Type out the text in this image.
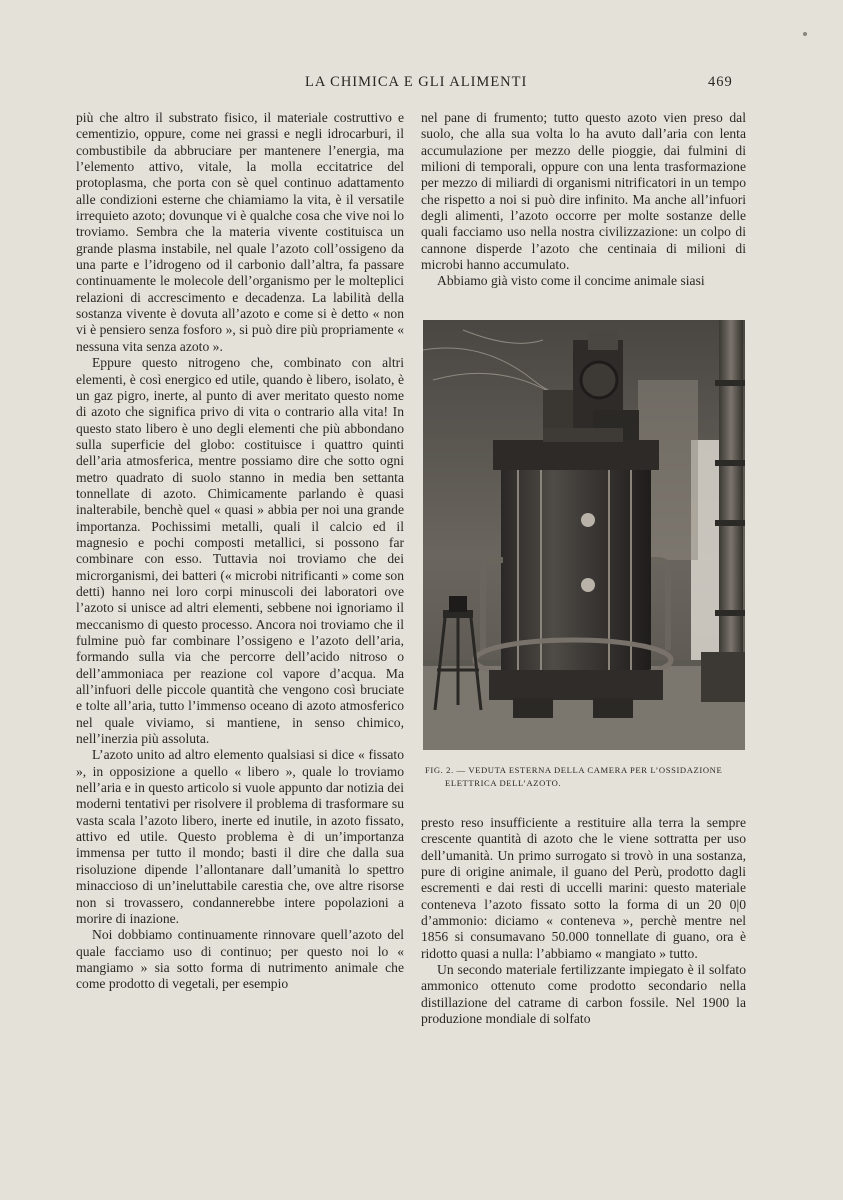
LA CHIMICA E GLI ALIMENTI	469

più che altro il substrato fisico, il materiale costruttivo e cementizio, oppure, come nei grassi e negli idrocarburi, il combustibile da abbruciare per mantenere l’energia, ma l’elemento attivo, vitale, la molla eccitatrice del protoplasma, che porta con sè quel continuo adattamento alle condizioni esterne che chiamiamo la vita, è il versatile irrequieto azoto; dovunque vi è qualche cosa che vive noi lo troviamo. Sembra che la materia vivente costituisca un grande plasma instabile, nel quale l’azoto coll’ossigeno da una parte e l’idrogeno od il carbonio dall’altra, fa passare continuamente le molecole dell’organismo per le molteplici relazioni di accrescimento e decadenza. La labilità della sostanza vivente è dovuta all’azoto e come si è detto « non vi è pensiero senza fosforo », si può dire più propriamente « nessuna vita senza azoto ».

Eppure questo nitrogeno che, combinato con altri elementi, è così energico ed utile, quando è libero, isolato, è un gaz pigro, inerte, al punto di aver meritato questo nome di azoto che significa privo di vita o contrario alla vita! In questo stato libero è uno degli elementi che più abbondano sulla superficie del globo: costituisce i quattro quinti dell’aria atmosferica, mentre possiamo dire che sotto ogni metro quadrato di suolo stanno in media ben settanta tonnellate di azoto. Chimicamente parlando è quasi inalterabile, benchè quel « quasi » abbia per noi una grande importanza. Pochissimi metalli, quali il calcio ed il magnesio e pochi composti metallici, si possono far combinare con esso. Tuttavia noi troviamo che dei microrganismi, dei batteri (« microbi nitrificanti » come son detti) hanno nei loro corpi minuscoli dei laboratori ove l’azoto si unisce ad altri elementi, sebbene noi ignoriamo il meccanismo di questo processo. Ancora noi troviamo che il fulmine può far combinare l’ossigeno e l’azoto dell’aria, formando sulla via che percorre dell’acido nitroso o dell’ammoniaca per reazione col vapore d’acqua. Ma all’infuori delle piccole quantità che vengono così bruciate e tolte all’aria, tutto l’immenso oceano di azoto atmosferico nel quale viviamo, si mantiene, in senso chimico, nell’inerzia più assoluta.

L’azoto unito ad altro elemento qualsiasi si dice « fissato », in opposizione a quello « libero », quale lo troviamo nell’aria e in questo articolo si vuole appunto dar notizia dei moderni tentativi per risolvere il problema di trasformare su vasta scala l’azoto libero, inerte ed inutile, in azoto fissato, attivo ed utile. Questo problema è di un’importanza immensa per tutto il mondo; basti il dire che dalla sua risoluzione dipende l’allontanare dall’umanità lo spettro minaccioso di un’ineluttabile carestia che, ove altre risorse non si trovassero, condannerebbe intere popolazioni a morire di inazione.

Noi dobbiamo continuamente rinnovare quell’azoto del quale facciamo uso di continuo; per questo noi lo « mangiamo » sia sotto forma di nutrimento animale che come prodotto di vegetali, per esempio

nel pane di frumento; tutto questo azoto vien preso dal suolo, che alla sua volta lo ha avuto dall’aria con lenta accumulazione per mezzo delle pioggie, dai fulmini di milioni di temporali, oppure con una lenta trasformazione per mezzo di miliardi di organismi nitrificatori in un tempo che rispetto a noi si può dire infinito. Ma anche all’infuori degli alimenti, l’azoto occorre per molte sostanze delle quali facciamo uso nella nostra civilizzazione: un colpo di cannone disperde l’azoto che centinaia di milioni di microbi hanno accumulato.

Abbiamo già visto come il concime animale siasi

FIG. 2. — VEDUTA ESTERNA DELLA CAMERA PER L’OSSIDAZIONE
ELETTRICA DELL’AZOTO.

presto reso insufficiente a restituire alla terra la sempre crescente quantità di azoto che le viene sottratta per uso dell’umanità. Un primo surrogato si trovò in una sostanza, pure di origine animale, il guano del Perù, prodotto dagli escrementi e dai resti di uccelli marini: questo materiale conteneva l’azoto fissato sotto la forma di un 20 0|0 d’ammonio: diciamo « conteneva », perchè mentre nel 1856 si consumavano 50.000 tonnellate di guano, ora è ridotto quasi a nulla: l’abbiamo « mangiato » tutto.

Un secondo materiale fertilizzante impiegato è il solfato ammonico ottenuto come prodotto secondario nella distillazione del catrame di carbon fossile. Nel 1900 la produzione mondiale di solfato
